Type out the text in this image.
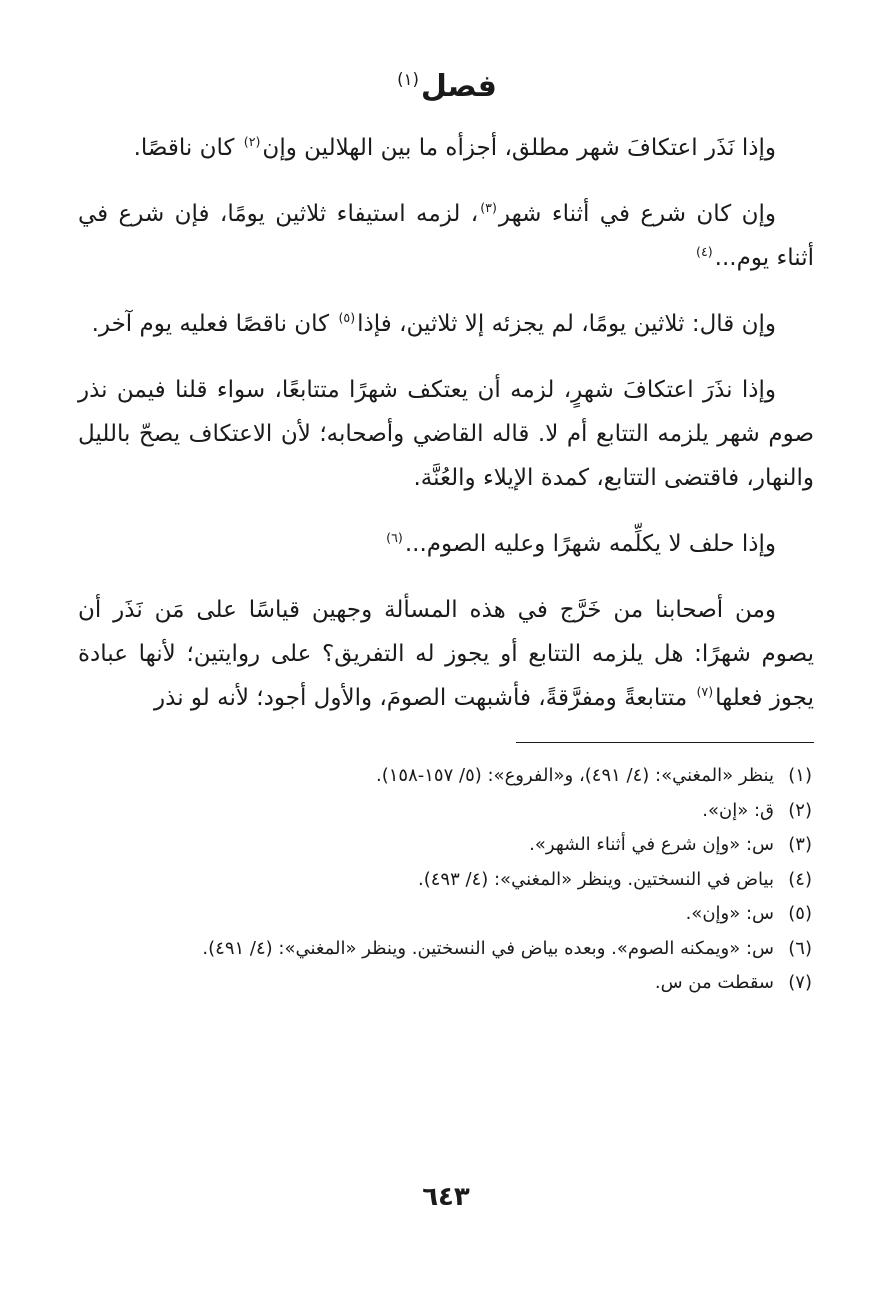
فصل$^{(١)}$

وإذا نَذَر اعتكافَ شهر مطلق، أجزأه ما بين الهلالين وإن$^{(٢)}$ كان ناقصًا.

وإن كان شرع في أثناء شهر$^{(٣)}$، لزمه استيفاء ثلاثين يومًا، فإن شرع في أثناء يوم...$^{(٤)}$

وإن قال: ثلاثين يومًا، لم يجزئه إلا ثلاثين، فإذا$^{(٥)}$ كان ناقصًا فعليه يوم آخر.

وإذا نذَرَ اعتكافَ شهرٍ، لزمه أن يعتكف شهرًا متتابعًا، سواء قلنا فيمن نذر صوم شهر يلزمه التتابع أم لا. قاله القاضي وأصحابه؛ لأن الاعتكاف يصحّ بالليل والنهار، فاقتضى التتابع، كمدة الإيلاء والعُنَّة.

وإذا حلف لا يكلِّمه شهرًا وعليه الصوم...$^{(٦)}$

ومن أصحابنا من خَرَّج في هذه المسألة وجهين قياسًا على مَن نَذَر أن يصوم شهرًا: هل يلزمه التتابع أو يجوز له التفريق؟ على روايتين؛ لأنها عبادة يجوز فعلها$^{(٧)}$ متتابعةً ومفرَّقةً، فأشبهت الصومَ، والأول أجود؛ لأنه لو نذر

(١)ينظر «المغني»: (٤/ ٤٩١)، و«الفروع»: (٥/ ١٥٧-١٥٨).
(٢)ق: «إن».
(٣)س: «وإن شرع في أثناء الشهر».
(٤)بياض في النسختين. وينظر «المغني»: (٤/ ٤٩٣).
(٥)س: «وإن».
(٦)س: «ويمكنه الصوم». وبعده بياض في النسختين. وينظر «المغني»: (٤/ ٤٩١).
(٧)سقطت من س.
٦٤٣
